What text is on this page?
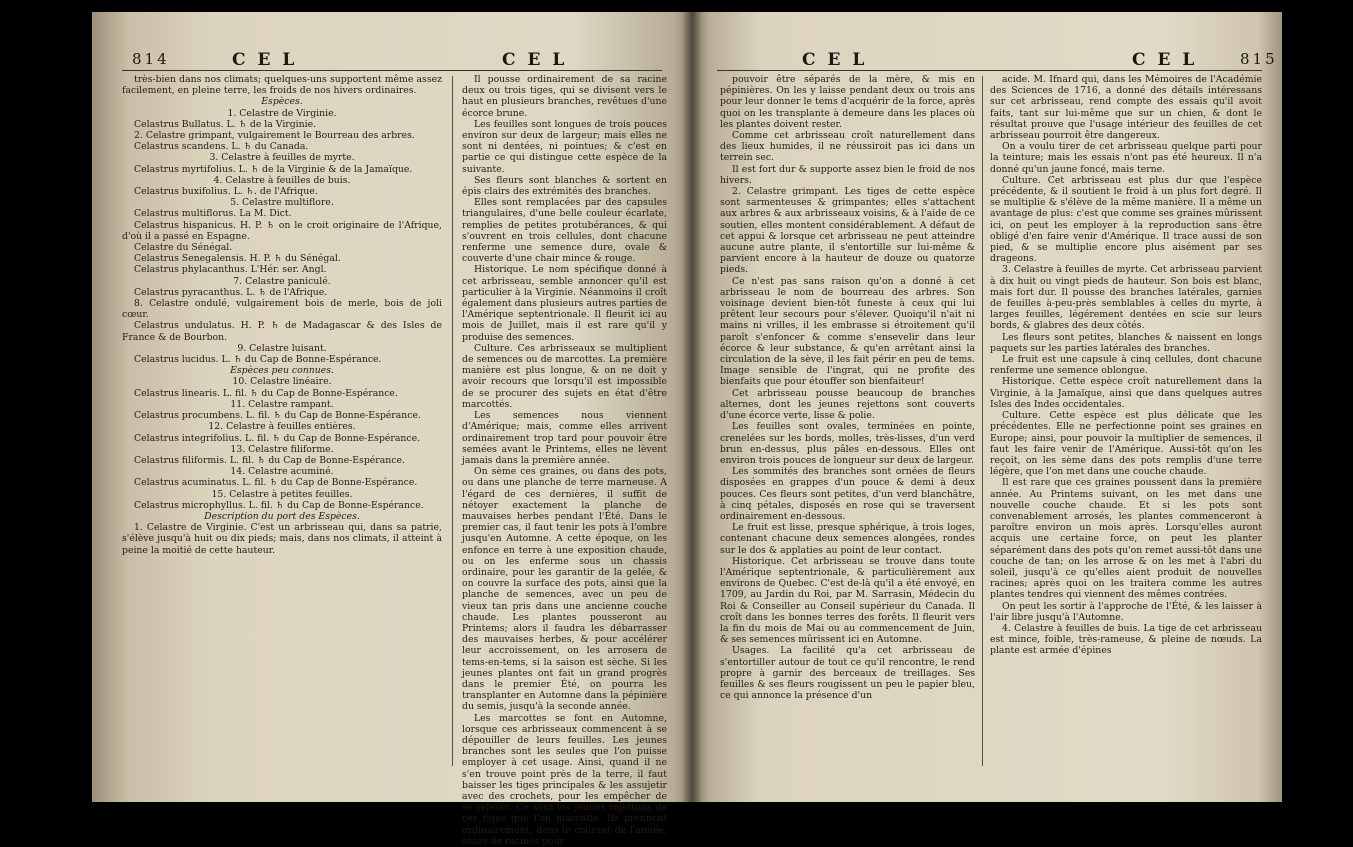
814	C E L	C E L

très-bien dans nos climats; quelques-uns supportent même assez facilement, en pleine terre, les froids de nos hivers ordinaires.

Espèces.

1. Celastre de Virginie.

Celastrus Bullatus. L. ♄ de la Virginie.

2. Celastre grimpant, vulgairement le Bourreau des arbres.

Celastrus scandens. L. ♄ du Canada.

3. Celastre à feuilles de myrte.

Celastrus myrtifolius. L. ♄ de la Virginie & de la Jamaïque.

4. Celastre à feuilles de buis.

Celastrus buxifolius. L. ♄. de l'Afrique.

5. Celastre multiflore.

Celastrus multiflorus. La M. Dict.

Celastrus hispanicus. H. P. ♄ on le croit originaire de l'Afrique, d'où il a passé en Espagne.

Celastre du Sénégal.

Celastrus Senegalensis. H. P. ♄ du Sénégal.

Celastrus phylacanthus. L'Hér. ser. Angl.

7. Celastre paniculé.

Celastrus pyracanthus. L. ♄ de l'Afrique.

8. Celastre ondulé, vulgairement bois de merle, bois de joli cœur.

Celastrus undulatus. H. P. ♄ de Madagascar & des Isles de France & de Bourbon.

9. Celastre luisant.

Celastrus lucidus. L. ♄ du Cap de Bonne-Espérance.

Espèces peu connues.

10. Celastre linéaire.

Celastrus linearis. L. fil. ♄ du Cap de Bonne-Espérance.

11. Celastre rampant.

Celastrus procumbens. L. fil. ♄ du Cap de Bonne-Espérance.

12. Celastre à feuilles entières.

Celastrus integrifolius. L. fil. ♄ du Cap de Bonne-Espérance.

13. Celastre filiforme.

Celastrus filiformis. L. fil. ♄ du Cap de Bonne-Espérance.

14. Celastre acuminé.

Celastrus acuminatus. L. fil. ♄ du Cap de Bonne-Espérance.

15. Celastre à petites feuilles.

Celastrus microphyllus. L. fil. ♄ du Cap de Bonne-Espérance.

Description du port des Espèces.

1. Celastre de Virginie. C'est un arbrisseau qui, dans sa patrie, s'élève jusqu'à huit ou dix pieds; mais, dans nos climats, il atteint à peine la moitié de cette hauteur.

Il pousse ordinairement de sa racine deux ou trois tiges, qui se divisent vers le haut en plusieurs branches, revêtues d'une écorce brune.

Les feuilles sont longues de trois pouces environ sur deux de largeur; mais elles ne sont ni dentées, ni pointues; & c'est en partie ce qui distingue cette espèce de la suivante.

Ses fleurs sont blanches & sortent en épis clairs des extrémités des branches.

Elles sont remplacées par des capsules triangulaires, d'une belle couleur écarlate, remplies de petites protubérances, & qui s'ouvrent en trois cellules, dont chacune renferme une semence dure, ovale & couverte d'une chair mince & rouge.

Historique. Le nom spécifique donné à cet arbrisseau, semble annoncer qu'il est particulier à la Virginie. Néanmoins il croît également dans plusieurs autres parties de l'Amérique septentrionale. Il fleurit ici au mois de Juillet, mais il est rare qu'il y produise des semences.

Culture. Ces arbrisseaux se multiplient de semences ou de marcottes. La première manière est plus longue, & on ne doit y avoir recours que lorsqu'il est impossible de se procurer des sujets en état d'être marcottés.

Les semences nous viennent d'Amérique; mais, comme elles arrivent ordinairement trop tard pour pouvoir être semées avant le Printems, elles ne lèvent jamais dans la première année.

On sème ces graines, ou dans des pots, ou dans une planche de terre marneuse. A l'égard de ces dernières, il suffit de nétoyer exactement la planche de mauvaises herbes pendant l'Été. Dans le premier cas, il faut tenir les pots à l'ombre jusqu'en Automne. A cette époque, on les enfonce en terre à une exposition chaude, ou on les enferme sous un chassis ordinaire, pour les garantir de la gelée, & on couvre la surface des pots, ainsi que la planche de semences, avec un peu de vieux tan pris dans une ancienne couche chaude. Les plantes pousseront au Printems; alors il faudra les débarrasser des mauvaises herbes, & pour accélérer leur accroissement, on les arrosera de tems-en-tems, si la saison est sèche. Si les jeunes plantes ont fait un grand progrès dans le premier Été, on pourra les transplanter en Automne dans la pépinière du semis, jusqu'à la seconde année.

Les marcottes se font en Automne, lorsque ces arbrisseaux commencent à se dépouiller de leurs feuilles. Les jeunes branches sont les seules que l'on puisse employer à cet usage. Ainsi, quand il ne s'en trouve point près de la terre, il faut baisser les tiges principales & les assujetir avec des crochets, pour les empêcher de se relever. Ce sont les jeunes rejettons de ces tiges que l'on marcotte. Ils prennent ordinairement, dans le courant de l'année, assez de racines pour

C E L	C E L	815

pouvoir être séparés de la mère, & mis en pépinières. On les y laisse pendant deux ou trois ans pour leur donner le tems d'acquérir de la force, après quoi on les transplante à demeure dans les places où les plantes doivent rester.

Comme cet arbrisseau croît naturellement dans des lieux humides, il ne réussiroit pas ici dans un terrein sec.

Il est fort dur & supporte assez bien le froid de nos hivers.

2. Celastre grimpant. Les tiges de cette espèce sont sarmenteuses & grimpantes; elles s'attachent aux arbres & aux arbrisseaux voisins, & à l'aide de ce soutien, elles montent considérablement. A défaut de cet appui & lorsque cet arbrisseau ne peut atteindre aucune autre plante, il s'entortille sur lui-même & parvient encore à la hauteur de douze ou quatorze pieds.

Ce n'est pas sans raison qu'on a donné à cet arbrisseau le nom de bourreau des arbres. Son voisinage devient bien-tôt funeste à ceux qui lui prêtent leur secours pour s'élever. Quoiqu'il n'ait ni mains ni vrilles, il les embrasse si étroitement qu'il paroît s'enfoncer & comme s'ensevelir dans leur écorce & leur substance, & qu'en arrêtant ainsi la circulation de la sève, il les fait périr en peu de tems. Image sensible de l'ingrat, qui ne profite des bienfaits que pour étouffer son bienfaiteur!

Cet arbrisseau pousse beaucoup de branches alternes, dont les jeunes rejettons sont couverts d'une écorce verte, lisse & polie.

Les feuilles sont ovales, terminées en pointe, crenelées sur les bords, molles, très-lisses, d'un verd brun en-dessus, plus pâles en-dessous. Elles ont environ trois pouces de longueur sur deux de largeur.

Les sommités des branches sont ornées de fleurs disposées en grappes d'un pouce & demi à deux pouces. Ces fleurs sont petites, d'un verd blanchâtre, à cinq pétales, disposés en rose qui se traversent ordinairement en-dessous.

Le fruit est lisse, presque sphérique, à trois loges, contenant chacune deux semences alongées, rondes sur le dos & applaties au point de leur contact.

Historique. Cet arbrisseau se trouve dans toute l'Amérique septentrionale, & particulièrement aux environs de Quebec. C'est de-là qu'il a été envoyé, en 1709, au Jardin du Roi, par M. Sarrasin, Médecin du Roi & Conseiller au Conseil supérieur du Canada. Il croît dans les bonnes terres des forêts. Il fleurit vers la fin du mois de Mai ou au commencement de Juin, & ses semences mûrissent ici en Automne.

Usages. La facilité qu'a cet arbrisseau de s'entortiller autour de tout ce qu'il rencontre, le rend propre à garnir des berceaux de treillages. Ses feuilles & ses fleurs rougissent un peu le papier bleu, ce qui annonce la présence d'un

acide. M. Ifnard qui, dans les Mémoires de l'Académie des Sciences de 1716, a donné des détails intéressans sur cet arbrisseau, rend compte des essais qu'il avoit faits, tant sur lui-même que sur un chien, & dont le résultat prouve que l'usage intérieur des feuilles de cet arbrisseau pourroit être dangereux.

On a voulu tirer de cet arbrisseau quelque parti pour la teinture; mais les essais n'ont pas été heureux. Il n'a donné qu'un jaune foncé, mais terne.

Culture. Cet arbrisseau est plus dur que l'espèce précédente, & il soutient le froid à un plus fort degré. Il se multiplie & s'élève de la même manière. Il a même un avantage de plus: c'est que comme ses graines mûrissent ici, on peut les employer à la reproduction sans être obligé d'en faire venir d'Amérique. Il trace aussi de son pied, & se multiplie encore plus aisément par ses drageons.

3. Celastre à feuilles de myrte. Cet arbrisseau parvient à dix huit ou vingt pieds de hauteur. Son bois est blanc, mais fort dur. Il pousse des branches latérales, garnies de feuilles à-peu-près semblables à celles du myrte, à larges feuilles, légérement dentées en scie sur leurs bords, & glabres des deux côtés.

Les fleurs sont petites, blanches & naissent en longs paquets sur les parties latérales des branches.

Le fruit est une capsule à cinq cellules, dont chacune renferme une semence oblongue.

Historique. Cette espèce croît naturellement dans la Virginie, à la Jamaïque, ainsi que dans quelques autres Isles des Indes occidentales.

Culture. Cette espèce est plus délicate que les précédentes. Elle ne perfectionne point ses graines en Europe; ainsi, pour pouvoir la multiplier de semences, il faut les faire venir de l'Amérique. Aussi-tôt qu'on les reçoit, on les sème dans des pots remplis d'une terre légère, que l'on met dans une couche chaude.

Il est rare que ces graines poussent dans la première année. Au Printems suivant, on les met dans une nouvelle couche chaude. Et si les pots sont convenablement arrosés, les plantes commenceront à paroître environ un mois après. Lorsqu'elles auront acquis une certaine force, on peut les planter séparément dans des pots qu'on remet aussi-tôt dans une couche de tan; on les arrose & on les met à l'abri du soleil, jusqu'à ce qu'elles aient produit de nouvelles racines; après quoi on les traitera comme les autres plantes tendres qui viennent des mêmes contrées.

On peut les sortir à l'approche de l'Été, & les laisser à l'air libre jusqu'à l'Automne.

4. Celastre à feuilles de buis. La tige de cet arbrisseau est mince, foible, très-rameuse, & pleine de nœuds. La plante est armée d'épines
